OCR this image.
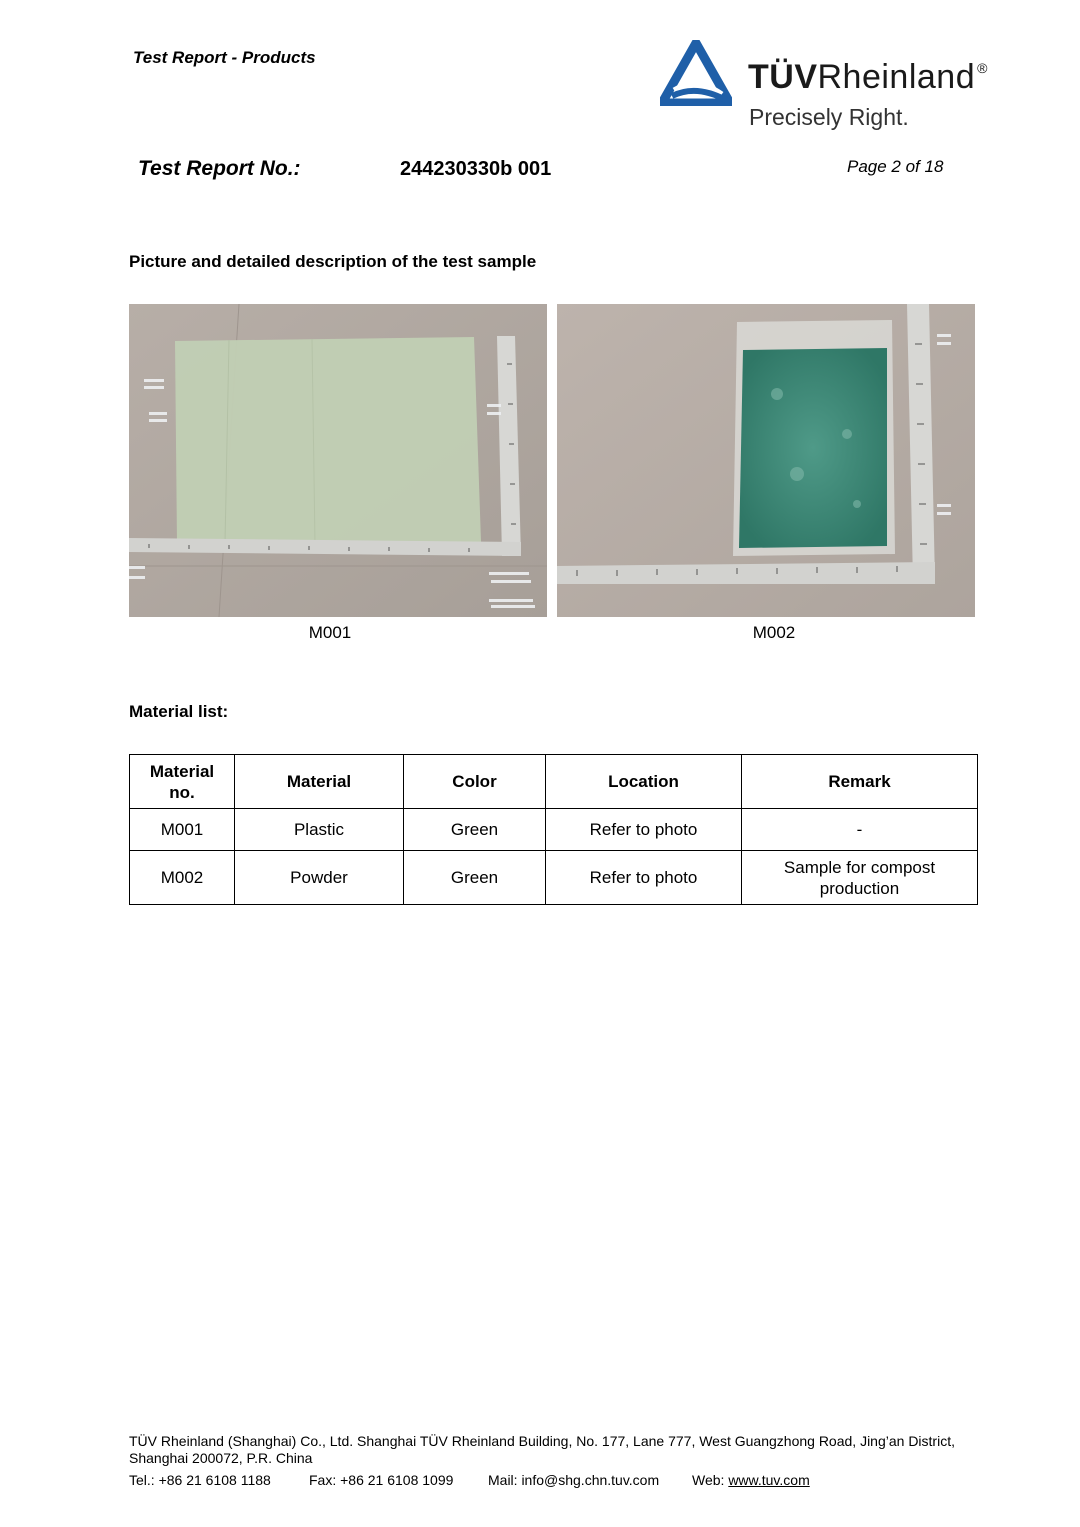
Test Report - Products
TÜVRheinland ®
Precisely Right.
Test Report No.:	244230330b 001	Page 2 of 18
Picture and detailed description of the test sample
M001	M002
Material list:
Material no.	Material	Color	Location	Remark
M001	Plastic	Green	Refer to photo	-
M002	Powder	Green	Refer to photo	Sample for compost production
TÜV Rheinland (Shanghai) Co., Ltd. Shanghai TÜV Rheinland Building, No. 177, Lane 777, West Guangzhong Road, Jing’an District, Shanghai 200072, P.R. China
Tel.: +86 21 6108 1188	Fax: +86 21 6108 1099 Mail: info@shg.chn.tuv.com Web: www.tuv.com
